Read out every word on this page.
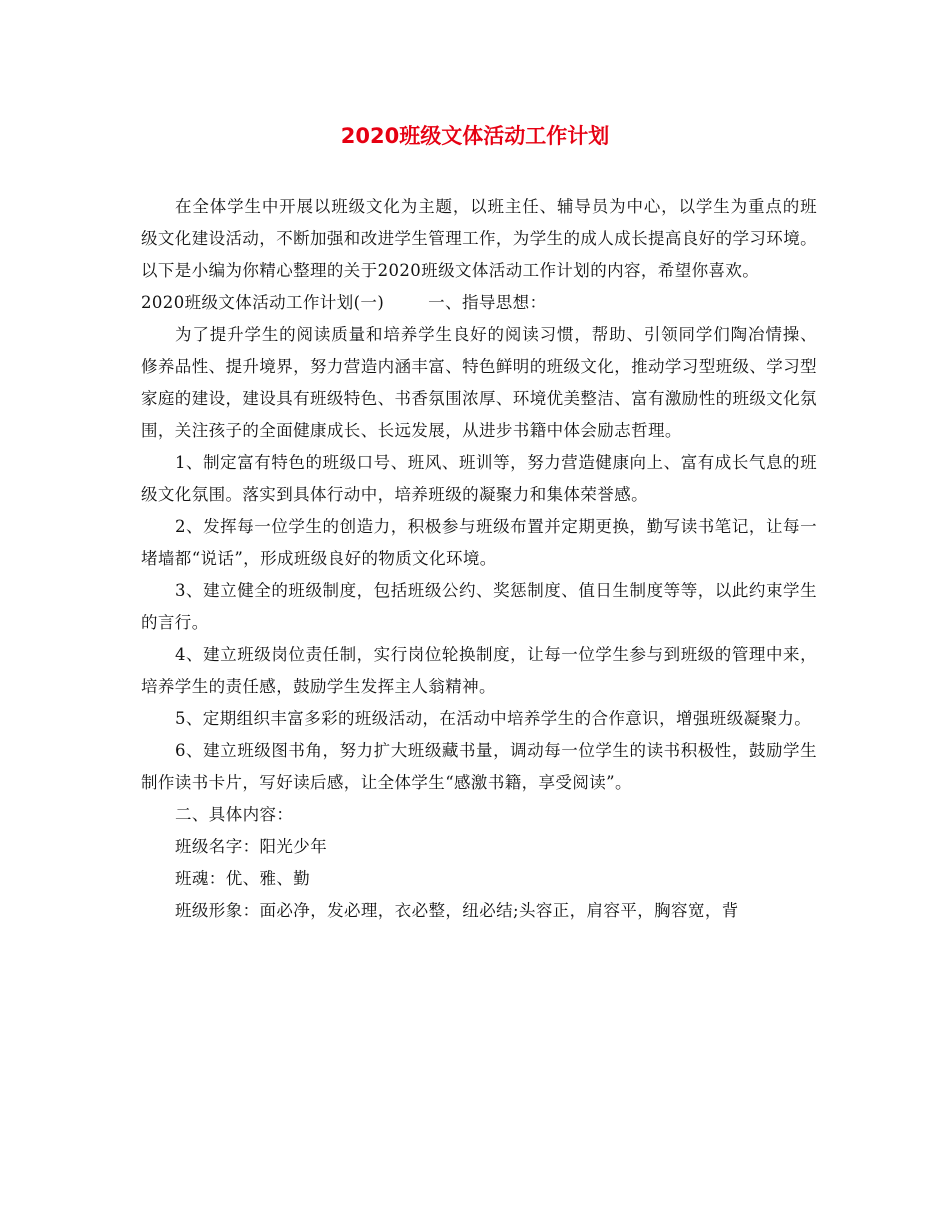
2020班级文体活动工作计划

在全体学生中开展以班级文化为主题，以班主任、辅导员为中心，以学生为重点的班级文化建设活动，不断加强和改进学生管理工作，为学生的成人成长提高良好的学习环境。以下是小编为你精心整理的关于2020班级文体活动工作计划的内容，希望你喜欢。

2020班级文体活动工作计划(一)	一、指导思想：

为了提升学生的阅读质量和培养学生良好的阅读习惯，帮助、引领同学们陶冶情操、修养品性、提升境界，努力营造内涵丰富、特色鲜明的班级文化，推动学习型班级、学习型家庭的建设，建设具有班级特色、书香氛围浓厚、环境优美整洁、富有激励性的班级文化氛围，关注孩子的全面健康成长、长远发展，从进步书籍中体会励志哲理。

1、制定富有特色的班级口号、班风、班训等，努力营造健康向上、富有成长气息的班级文化氛围。落实到具体行动中，培养班级的凝聚力和集体荣誉感。

2、发挥每一位学生的创造力，积极参与班级布置并定期更换，勤写读书笔记，让每一堵墙都“说话”，形成班级良好的物质文化环境。

3、建立健全的班级制度，包括班级公约、奖惩制度、值日生制度等等，以此约束学生的言行。

4、建立班级岗位责任制，实行岗位轮换制度，让每一位学生参与到班级的管理中来，培养学生的责任感，鼓励学生发挥主人翁精神。

5、定期组织丰富多彩的班级活动，在活动中培养学生的合作意识，增强班级凝聚力。

6、建立班级图书角，努力扩大班级藏书量，调动每一位学生的读书积极性，鼓励学生制作读书卡片，写好读后感，让全体学生“感激书籍，享受阅读”。

二、具体内容：

班级名字：阳光少年

班魂：优、雅、勤

班级形象：面必净，发必理，衣必整，纽必结;头容正，肩容平，胸容宽，背
